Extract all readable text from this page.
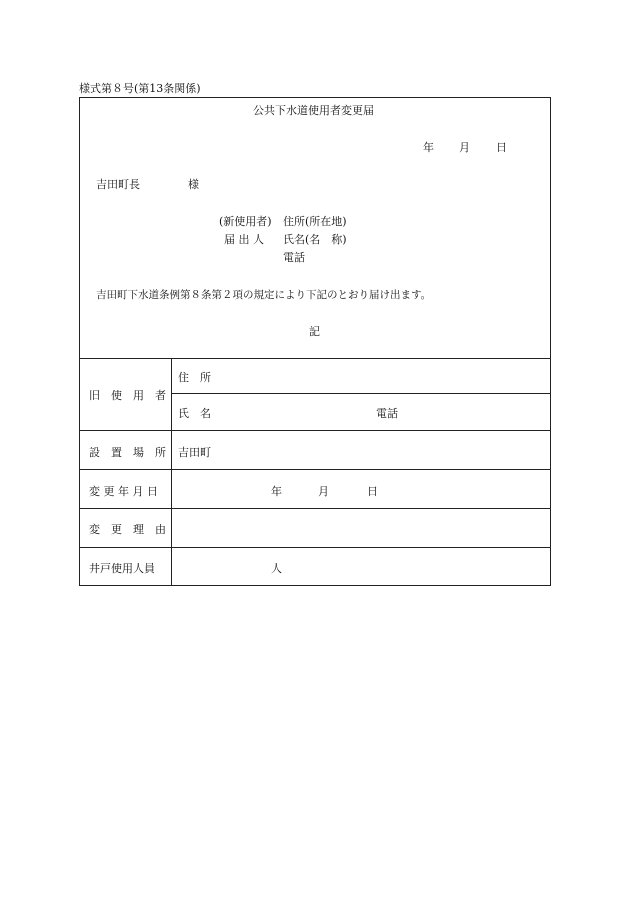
様式第８号(第13条関係)
公共下水道使用者変更届
年 月 日
吉田町長	様
(新使用者) 住所(所在地)
届 出 人 氏名(名　称)
電話
吉田町下水道条例第８条第２項の規定により下記のとおり届け出ます。
記
旧　使　用　者
住　所
氏　名	電話
設　置　場　所 吉田町
変 更 年 月 日	年	月	日
変　更　理　由
井戸使用人員	人
